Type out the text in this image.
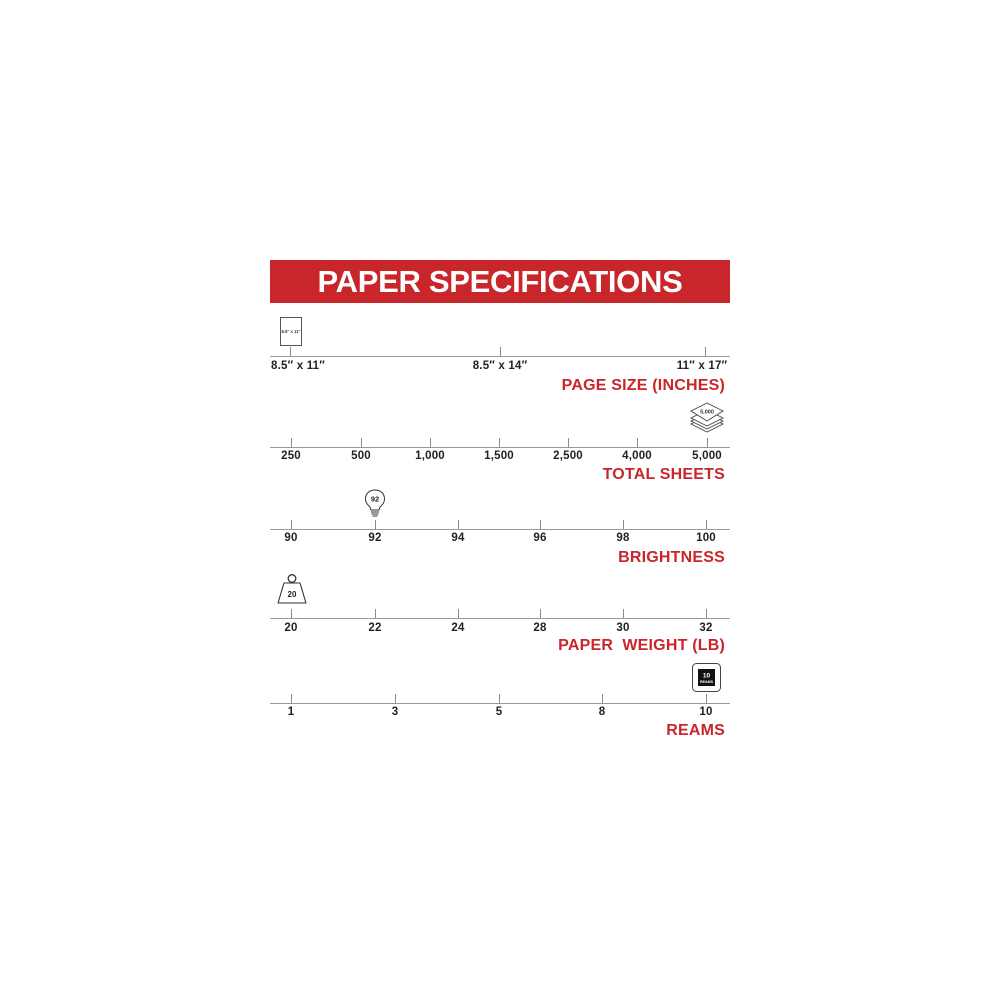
PAPER SPECIFICATIONS
8.5″ x 11″	8.5″ x 14″	11″ x 17″
PAGE SIZE (INCHES)
8.5″ x 11″
250	500	1,000	1,500	2,500	4,000	5,000
TOTAL SHEETS
5,000
90	92	94	96	98	100
BRIGHTNESS
92
20	22	24	28	30	32
PAPER  WEIGHT (LB)
20
1	3	5	8	10
REAMS
10
REAMS
